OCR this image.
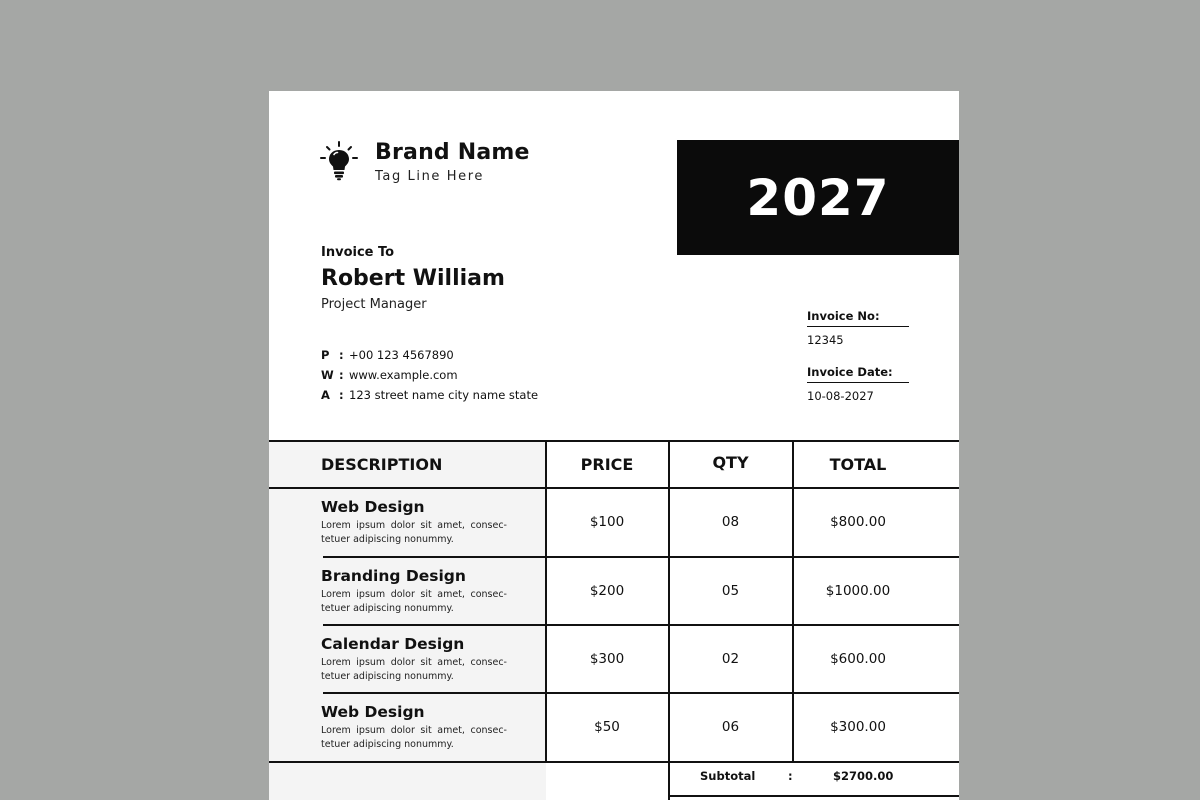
Brand Name
Tag Line Here	2027
Invoice To
Robert William
Project Manager
P : +00 123 4567890
W : www.example.com
A : 123 street name city name state
Invoice No:
12345
Invoice Date:
10-08-2027
DESCRIPTION	PRICE	QTY	TOTAL
Web Design
Lorem ipsum dolor sit amet, consec-tetuer adipiscing nonummy.
$100	08	$800.00
Branding Design
Lorem ipsum dolor sit amet, consec-tetuer adipiscing nonummy.
$200	05	$1000.00
Calendar Design
Lorem ipsum dolor sit amet, consec-tetuer adipiscing nonummy.
$300	02	$600.00
Web Design
Lorem ipsum dolor sit amet, consec-tetuer adipiscing nonummy.
$50	06	$300.00
Subtotal	:	$2700.00
